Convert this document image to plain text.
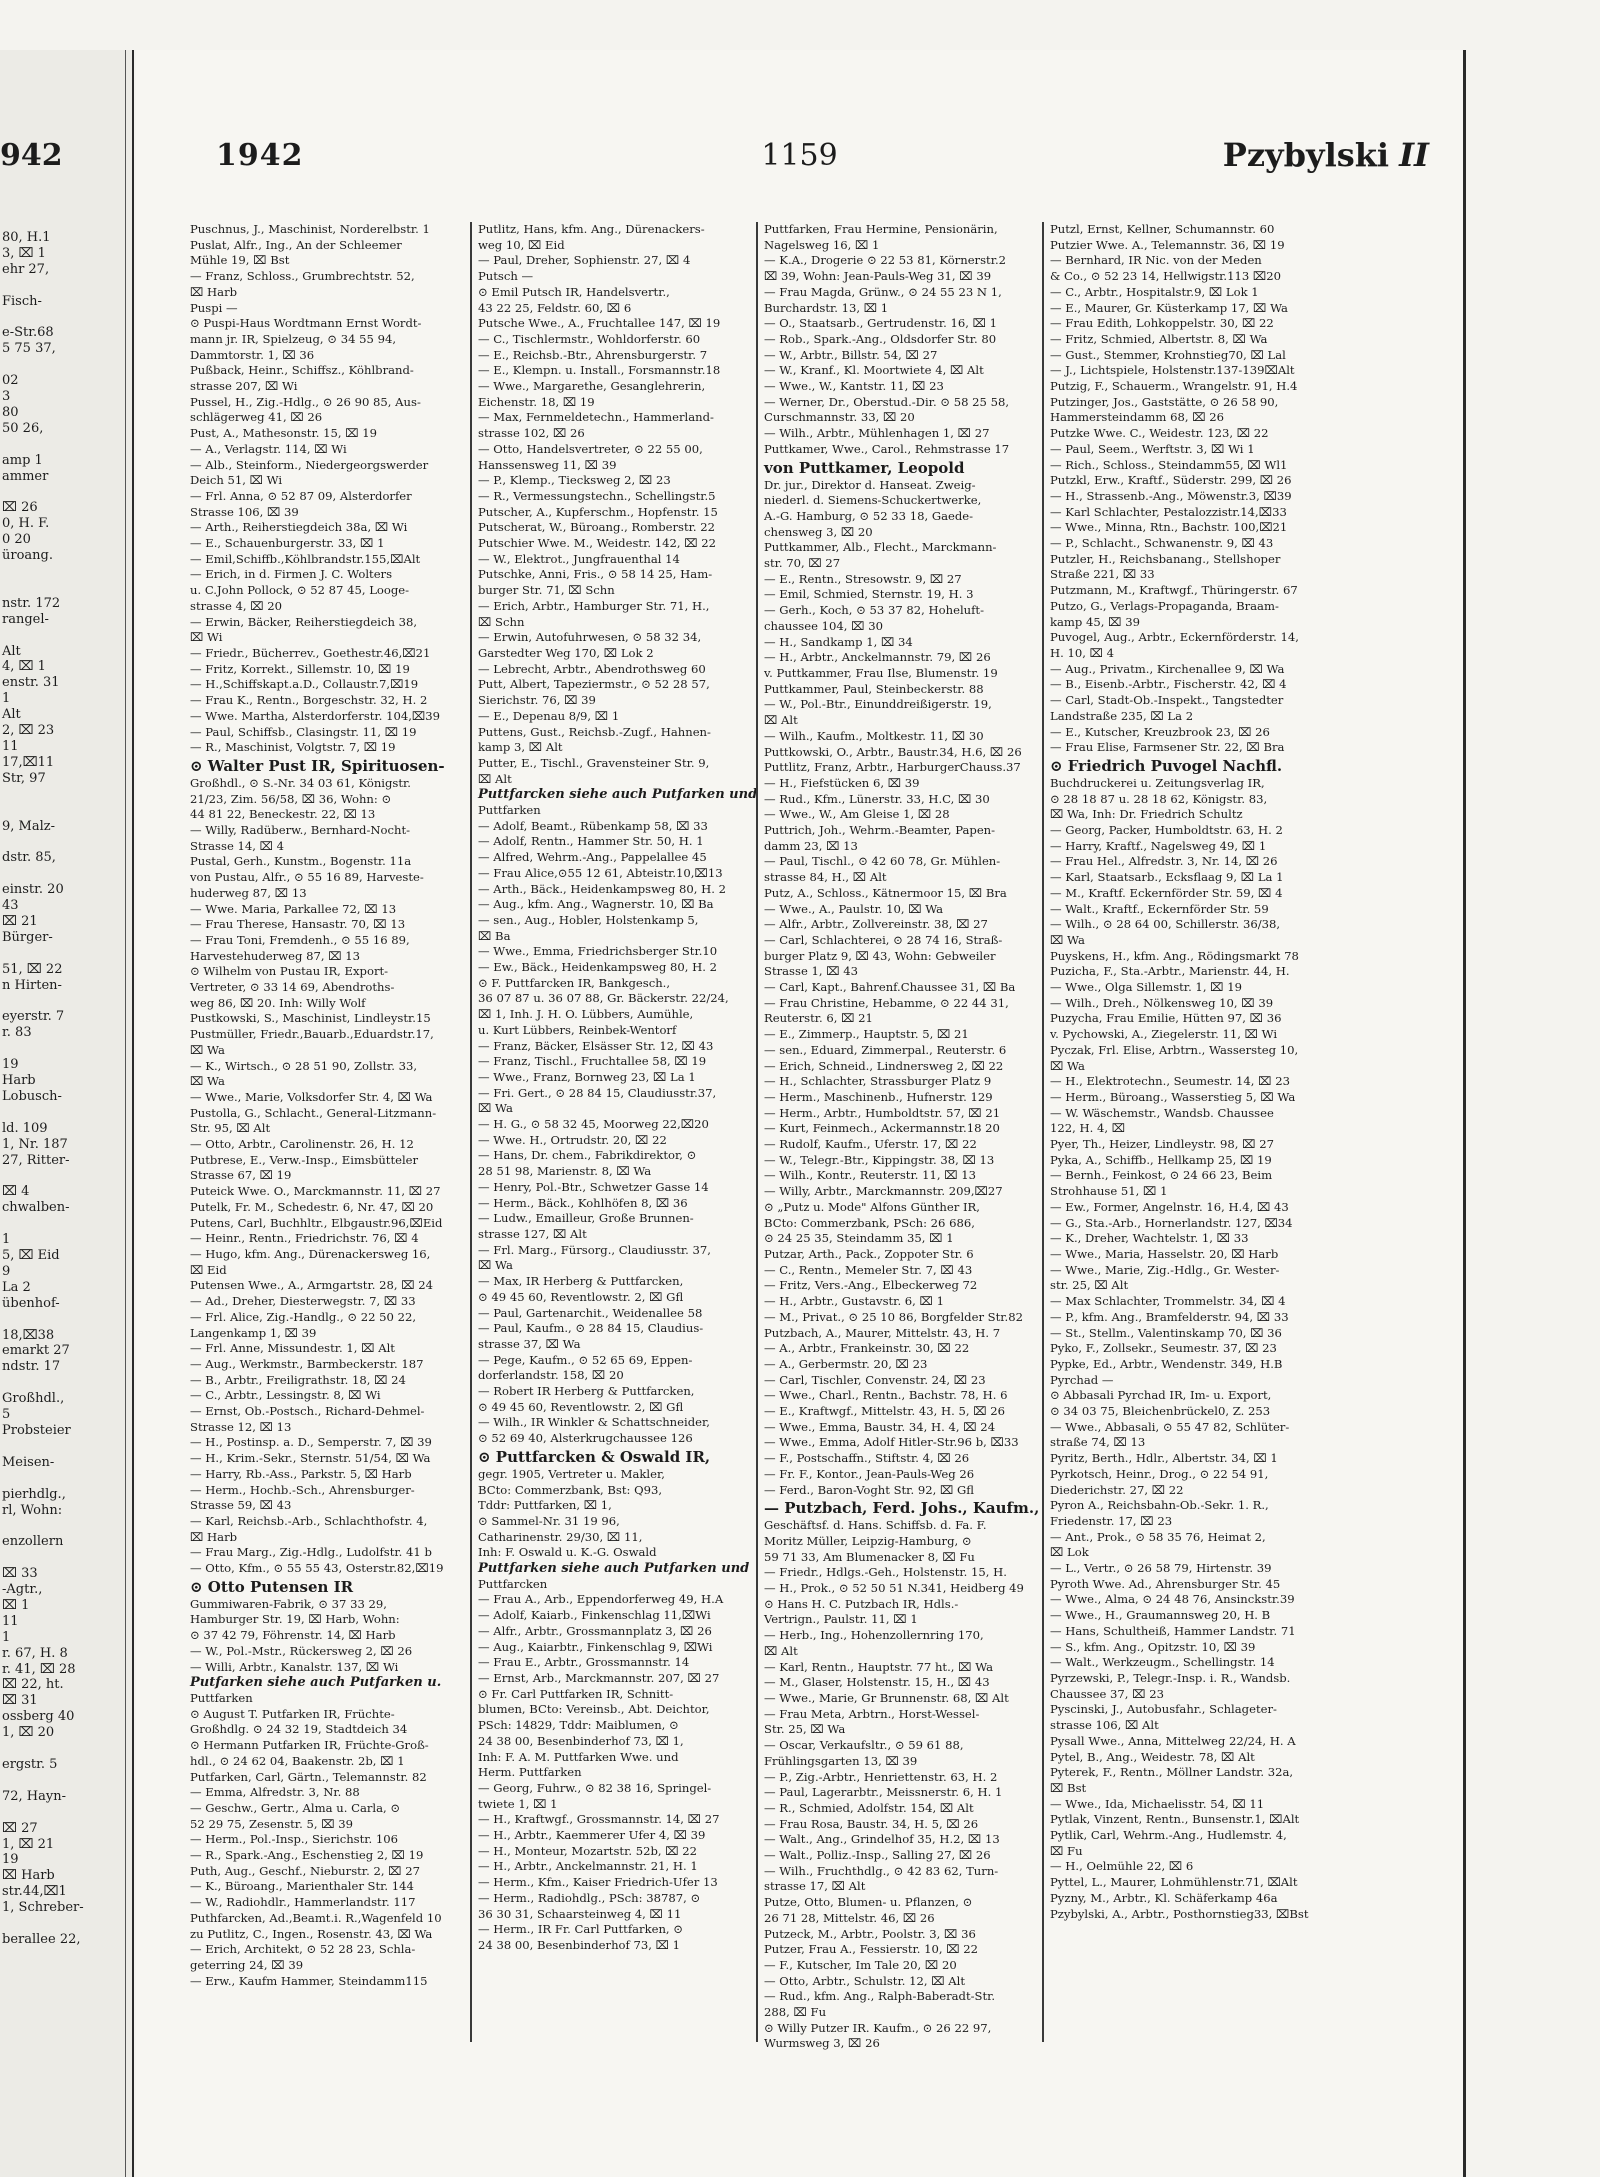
942
80, H.1
3, ⌧ 1
ehr 27,

Fisch-

e-Str.68
5 75 37,

02
3
80
50 26,

amp 1
ammer

⌧ 26
0, H. F.
0 20
üroang.

nstr. 172
rangel-

Alt
4, ⌧ 1
enstr. 31
1
Alt
2, ⌧ 23
11
17,⌧11
Str, 97

9, Malz-

dstr. 85,

einstr. 20
43
⌧ 21
Bürger-

51, ⌧ 22
n Hirten-

eyerstr. 7
r. 83

19
Harb
Lobusch-

ld. 109
1, Nr. 187
27, Ritter-

⌧ 4
chwalben-

1
5, ⌧ Eid
9
La 2
übenhof-

18,⌧38
emarkt 27
ndstr. 17

Großhdl.,
5
Probsteier

Meisen-

pierhdlg.,
rl, Wohn:

enzollern

⌧ 33
-Agtr.,
⌧ 1
11
1
r. 67, H. 8
r. 41, ⌧ 28
⌧ 22, ht.
⌧ 31
ossberg 40
1, ⌧ 20

ergstr. 5

72, Hayn-

⌧ 27
1, ⌧ 21
19
⌧ Harb
str.44,⌧1
1, Schreber-

berallee 22,
1942	1159	Pzybylski II
Puschnus, J., Maschinist, Norderelbstr. 1
Puslat, Alfr., Ing., An der Schleemer
Mühle 19, ⌧ Bst
— Franz, Schloss., Grumbrechtstr. 52,
⌧ Harb
Puspi —
⊙ Puspi-Haus Wordtmann Ernst Wordt-
mann jr. IR, Spielzeug, ⊙ 34 55 94,
Dammtorstr. 1, ⌧ 36
Pußback, Heinr., Schiffsz., Köhlbrand-
strasse 207, ⌧ Wi
Pussel, H., Zig.-Hdlg., ⊙ 26 90 85, Aus-
schlägerweg 41, ⌧ 26
Pust, A., Mathesonstr. 15, ⌧ 19
— A., Verlagstr. 114, ⌧ Wi
— Alb., Steinform., Niedergeorgswerder
Deich 51, ⌧ Wi
— Frl. Anna, ⊙ 52 87 09, Alsterdorfer
Strasse 106, ⌧ 39
— Arth., Reiherstiegdeich 38a, ⌧ Wi
— E., Schauenburgerstr. 33, ⌧ 1
— Emil,Schiffb.,Köhlbrandstr.155,⌧Alt
— Erich, in d. Firmen J. C. Wolters
u. C.John Pollock, ⊙ 52 87 45, Looge-
strasse 4, ⌧ 20
— Erwin, Bäcker, Reiherstiegdeich 38,
⌧ Wi
— Friedr., Bücherrev., Goethestr.46,⌧21
— Fritz, Korrekt., Sillemstr. 10, ⌧ 19
— H.,Schiffskapt.a.D., Collaustr.7,⌧19
— Frau K., Rentn., Borgeschstr. 32, H. 2
— Wwe. Martha, Alsterdorferstr. 104,⌧39
— Paul, Schiffsb., Clasingstr. 11, ⌧ 19
— R., Maschinist, Volgtstr. 7, ⌧ 19
⊙ Walter Pust IR, Spirituosen-
Großhdl., ⊙ S.-Nr. 34 03 61, Königstr.
21/23, Zim. 56/58, ⌧ 36, Wohn: ⊙
44 81 22, Beneckestr. 22, ⌧ 13
— Willy, Radüberw., Bernhard-Nocht-
Strasse 14, ⌧ 4
Pustal, Gerh., Kunstm., Bogenstr. 11a
von Pustau, Alfr., ⊙ 55 16 89, Harveste-
huderweg 87, ⌧ 13
— Wwe. Maria, Parkallee 72, ⌧ 13
— Frau Therese, Hansastr. 70, ⌧ 13
— Frau Toni, Fremdenh., ⊙ 55 16 89,
Harvestehuderweg 87, ⌧ 13
⊙ Wilhelm von Pustau IR, Export-
Vertreter, ⊙ 33 14 69, Abendroths-
weg 86, ⌧ 20. Inh: Willy Wolf
Pustkowski, S., Maschinist, Lindleystr.15
Pustmüller, Friedr.,Bauarb.,Eduardstr.17,
⌧ Wa
— K., Wirtsch., ⊙ 28 51 90, Zollstr. 33,
⌧ Wa
— Wwe., Marie, Volksdorfer Str. 4, ⌧ Wa
Pustolla, G., Schlacht., General-Litzmann-
Str. 95, ⌧ Alt
— Otto, Arbtr., Carolinenstr. 26, H. 12
Putbrese, E., Verw.-Insp., Eimsbütteler
Strasse 67, ⌧ 19
Puteick Wwe. O., Marckmannstr. 11, ⌧ 27
Putelk, Fr. M., Schedestr. 6, Nr. 47, ⌧ 20
Putens, Carl, Buchhltr., Elbgaustr.96,⌧Eid
— Heinr., Rentn., Friedrichstr. 76, ⌧ 4
— Hugo, kfm. Ang., Dürenackersweg 16,
⌧ Eid
Putensen Wwe., A., Armgartstr. 28, ⌧ 24
— Ad., Dreher, Diesterwegstr. 7, ⌧ 33
— Frl. Alice, Zig.-Handlg., ⊙ 22 50 22,
Langenkamp 1, ⌧ 39
— Frl. Anne, Missundestr. 1, ⌧ Alt
— Aug., Werkmstr., Barmbeckerstr. 187
— B., Arbtr., Freiligrathstr. 18, ⌧ 24
— C., Arbtr., Lessingstr. 8, ⌧ Wi
— Ernst, Ob.-Postsch., Richard-Dehmel-
Strasse 12, ⌧ 13
— H., Postinsp. a. D., Semperstr. 7, ⌧ 39
— H., Krim.-Sekr., Sternstr. 51/54, ⌧ Wa
— Harry, Rb.-Ass., Parkstr. 5, ⌧ Harb
— Herm., Hochb.-Sch., Ahrensburger-
Strasse 59, ⌧ 43
— Karl, Reichsb.-Arb., Schlachthofstr. 4,
⌧ Harb
— Frau Marg., Zig.-Hdlg., Ludolfstr. 41 b
— Otto, Kfm., ⊙ 55 55 43, Osterstr.82,⌧19
⊙ Otto Putensen IR
Gummiwaren-Fabrik, ⊙ 37 33 29,
Hamburger Str. 19, ⌧ Harb, Wohn:
⊙ 37 42 79, Föhrenstr. 14, ⌧ Harb
— W., Pol.-Mstr., Rückersweg 2, ⌧ 26
— Willi, Arbtr., Kanalstr. 137, ⌧ Wi
Putfarken siehe auch Putfarken u.
Puttfarken
⊙ August T. Putfarken IR, Früchte-
Großhdlg. ⊙ 24 32 19, Stadtdeich 34
⊙ Hermann Putfarken IR, Früchte-Groß-
hdl., ⊙ 24 62 04, Baakenstr. 2b, ⌧ 1
Putfarken, Carl, Gärtn., Telemannstr. 82
— Emma, Alfredstr. 3, Nr. 88
— Geschw., Gertr., Alma u. Carla, ⊙
52 29 75, Zesenstr. 5, ⌧ 39
— Herm., Pol.-Insp., Sierichstr. 106
— R., Spark.-Ang., Eschenstieg 2, ⌧ 19
Puth, Aug., Geschf., Nieburstr. 2, ⌧ 27
— K., Büroang., Marienthaler Str. 144
— W., Radiohdlr., Hammerlandstr. 117
Puthfarcken, Ad.,Beamt.i. R.,Wagenfeld 10
zu Putlitz, C., Ingen., Rosenstr. 43, ⌧ Wa
— Erich, Architekt, ⊙ 52 28 23, Schla-
geterring 24, ⌧ 39
— Erw., Kaufm Hammer, Steindamm115
Putlitz, Hans, kfm. Ang., Dürenackers-
weg 10, ⌧ Eid
— Paul, Dreher, Sophienstr. 27, ⌧ 4
Putsch —
⊙ Emil Putsch IR, Handelsvertr.,
43 22 25, Feldstr. 60, ⌧ 6
Putsche Wwe., A., Fruchtallee 147, ⌧ 19
— C., Tischlermstr., Wohldorferstr. 60
— E., Reichsb.-Btr., Ahrensburgerstr. 7
— E., Klempn. u. Install., Forsmannstr.18
— Wwe., Margarethe, Gesanglehrerin,
Eichenstr. 18, ⌧ 19
— Max, Fernmeldetechn., Hammerland-
strasse 102, ⌧ 26
— Otto, Handelsvertreter, ⊙ 22 55 00,
Hanssensweg 11, ⌧ 39
— P., Klemp., Tiecksweg 2, ⌧ 23
— R., Vermessungstechn., Schellingstr.5
Putscher, A., Kupferschm., Hopfenstr. 15
Putscherat, W., Büroang., Romberstr. 22
Putschier Wwe. M., Weidestr. 142, ⌧ 22
— W., Elektrot., Jungfrauenthal 14
Putschke, Anni, Fris., ⊙ 58 14 25, Ham-
burger Str. 71, ⌧ Schn
— Erich, Arbtr., Hamburger Str. 71, H.,
⌧ Schn
— Erwin, Autofuhrwesen, ⊙ 58 32 34,
Garstedter Weg 170, ⌧ Lok 2
— Lebrecht, Arbtr., Abendrothsweg 60
Putt, Albert, Tapeziermstr., ⊙ 52 28 57,
Sierichstr. 76, ⌧ 39
— E., Depenau 8/9, ⌧ 1
Puttens, Gust., Reichsb.-Zugf., Hahnen-
kamp 3, ⌧ Alt
Putter, E., Tischl., Gravensteiner Str. 9,
⌧ Alt
Puttfarcken siehe auch Putfarken und
Puttfarken
— Adolf, Beamt., Rübenkamp 58, ⌧ 33
— Adolf, Rentn., Hammer Str. 50, H. 1
— Alfred, Wehrm.-Ang., Pappelallee 45
— Frau Alice,⊙55 12 61, Abteistr.10,⌧13
— Arth., Bäck., Heidenkampsweg 80, H. 2
— Aug., kfm. Ang., Wagnerstr. 10, ⌧ Ba
— sen., Aug., Hobler, Holstenkamp 5,
⌧ Ba
— Wwe., Emma, Friedrichsberger Str.10
— Ew., Bäck., Heidenkampsweg 80, H. 2
⊙ F. Puttfarcken IR, Bankgesch.,
36 07 87 u. 36 07 88, Gr. Bäckerstr. 22/24,
⌧ 1, Inh. J. H. O. Lübbers, Aumühle,
u. Kurt Lübbers, Reinbek-Wentorf
— Franz, Bäcker, Elsässer Str. 12, ⌧ 43
— Franz, Tischl., Fruchtallee 58, ⌧ 19
— Wwe., Franz, Bornweg 23, ⌧ La 1
— Fri. Gert., ⊙ 28 84 15, Claudiusstr.37,
⌧ Wa
— H. G., ⊙ 58 32 45, Moorweg 22,⌧20
— Wwe. H., Ortrudstr. 20, ⌧ 22
— Hans, Dr. chem., Fabrikdirektor, ⊙
28 51 98, Marienstr. 8, ⌧ Wa
— Henry, Pol.-Btr., Schwetzer Gasse 14
— Herm., Bäck., Kohlhöfen 8, ⌧ 36
— Ludw., Emailleur, Große Brunnen-
strasse 127, ⌧ Alt
— Frl. Marg., Fürsorg., Claudiusstr. 37,
⌧ Wa
— Max, IR Herberg & Puttfarcken,
⊙ 49 45 60, Reventlowstr. 2, ⌧ Gfl
— Paul, Gartenarchit., Weidenallee 58
— Paul, Kaufm., ⊙ 28 84 15, Claudius-
strasse 37, ⌧ Wa
— Pege, Kaufm., ⊙ 52 65 69, Eppen-
dorferlandstr. 158, ⌧ 20
— Robert IR Herberg & Puttfarcken,
⊙ 49 45 60, Reventlowstr. 2, ⌧ Gfl
— Wilh., IR Winkler & Schattschneider,
⊙ 52 69 40, Alsterkrugchaussee 126
⊙ Puttfarcken & Oswald IR,
gegr. 1905, Vertreter u. Makler,
BCto: Commerzbank, Bst: Q93,
Tddr: Puttfarken, ⌧ 1,
⊙ Sammel-Nr. 31 19 96,
Catharinenstr. 29/30, ⌧ 11,
Inh: F. Oswald u. K.-G. Oswald
Puttfarken siehe auch Putfarken und
Puttfarcken
— Frau A., Arb., Eppendorferweg 49, H.A
— Adolf, Kaiarb., Finkenschlag 11,⌧Wi
— Alfr., Arbtr., Grossmannplatz 3, ⌧ 26
— Aug., Kaiarbtr., Finkenschlag 9, ⌧Wi
— Frau E., Arbtr., Grossmannstr. 14
— Ernst, Arb., Marckmannstr. 207, ⌧ 27
⊙ Fr. Carl Puttfarken IR, Schnitt-
blumen, BCto: Vereinsb., Abt. Deichtor,
PSch: 14829, Tddr: Maiblumen, ⊙
24 38 00, Besenbinderhof 73, ⌧ 1,
Inh: F. A. M. Puttfarken Wwe. und
Herm. Puttfarken
— Georg, Fuhrw., ⊙ 82 38 16, Springel-
twiete 1, ⌧ 1
— H., Kraftwgf., Grossmannstr. 14, ⌧ 27
— H., Arbtr., Kaemmerer Ufer 4, ⌧ 39
— H., Monteur, Mozartstr. 52b, ⌧ 22
— H., Arbtr., Anckelmannstr. 21, H. 1
— Herm., Kfm., Kaiser Friedrich-Ufer 13
— Herm., Radiohdlg., PSch: 38787, ⊙
36 30 31, Schaarsteinweg 4, ⌧ 11
— Herm., IR Fr. Carl Puttfarken, ⊙
24 38 00, Besenbinderhof 73, ⌧ 1
Puttfarken, Frau Hermine, Pensionärin,
Nagelsweg 16, ⌧ 1
— K.A., Drogerie ⊙ 22 53 81, Körnerstr.2
⌧ 39, Wohn: Jean-Pauls-Weg 31, ⌧ 39
— Frau Magda, Grünw., ⊙ 24 55 23 N 1,
Burchardstr. 13, ⌧ 1
— O., Staatsarb., Gertrudenstr. 16, ⌧ 1
— Rob., Spark.-Ang., Oldsdorfer Str. 80
— W., Arbtr., Billstr. 54, ⌧ 27
— W., Kranf., Kl. Moortwiete 4, ⌧ Alt
— Wwe., W., Kantstr. 11, ⌧ 23
— Werner, Dr., Oberstud.-Dir. ⊙ 58 25 58,
Curschmannstr. 33, ⌧ 20
— Wilh., Arbtr., Mühlenhagen 1, ⌧ 27
Puttkamer, Wwe., Carol., Rehmstrasse 17
von Puttkamer, Leopold
Dr. jur., Direktor d. Hanseat. Zweig-
niederl. d. Siemens-Schuckertwerke,
A.-G. Hamburg, ⊙ 52 33 18, Gaede-
chensweg 3, ⌧ 20
Puttkammer, Alb., Flecht., Marckmann-
str. 70, ⌧ 27
— E., Rentn., Stresowstr. 9, ⌧ 27
— Emil, Schmied, Sternstr. 19, H. 3
— Gerh., Koch, ⊙ 53 37 82, Hoheluft-
chaussee 104, ⌧ 30
— H., Sandkamp 1, ⌧ 34
— H., Arbtr., Anckelmannstr. 79, ⌧ 26
v. Puttkammer, Frau Ilse, Blumenstr. 19
Puttkammer, Paul, Steinbeckerstr. 88
— W., Pol.-Btr., Einunddreißigerstr. 19,
⌧ Alt
— Wilh., Kaufm., Moltkestr. 11, ⌧ 30
Puttkowski, O., Arbtr., Baustr.34, H.6, ⌧ 26
Puttlitz, Franz, Arbtr., HarburgerChauss.37
— H., Fiefstücken 6, ⌧ 39
— Rud., Kfm., Lünerstr. 33, H.C, ⌧ 30
— Wwe., W., Am Gleise 1, ⌧ 28
Puttrich, Joh., Wehrm.-Beamter, Papen-
damm 23, ⌧ 13
— Paul, Tischl., ⊙ 42 60 78, Gr. Mühlen-
strasse 84, H., ⌧ Alt
Putz, A., Schloss., Kätnermoor 15, ⌧ Bra
— Wwe., A., Paulstr. 10, ⌧ Wa
— Alfr., Arbtr., Zollvereinstr. 38, ⌧ 27
— Carl, Schlachterei, ⊙ 28 74 16, Straß-
burger Platz 9, ⌧ 43, Wohn: Gebweiler
Strasse 1, ⌧ 43
— Carl, Kapt., Bahrenf.Chaussee 31, ⌧ Ba
— Frau Christine, Hebamme, ⊙ 22 44 31,
Reuterstr. 6, ⌧ 21
— E., Zimmerp., Hauptstr. 5, ⌧ 21
— sen., Eduard, Zimmerpal., Reuterstr. 6
— Erich, Schneid., Lindnersweg 2, ⌧ 22
— H., Schlachter, Strassburger Platz 9
— Herm., Maschinenb., Hufnerstr. 129
— Herm., Arbtr., Humboldtstr. 57, ⌧ 21
— Kurt, Feinmech., Ackermannstr.18 20
— Rudolf, Kaufm., Uferstr. 17, ⌧ 22
— W., Telegr.-Btr., Kippingstr. 38, ⌧ 13
— Wilh., Kontr., Reuterstr. 11, ⌧ 13
— Willy, Arbtr., Marckmannstr. 209,⌧27
⊙ „Putz u. Mode" Alfons Günther IR,
BCto: Commerzbank, PSch: 26 686,
⊙ 24 25 35, Steindamm 35, ⌧ 1
Putzar, Arth., Pack., Zoppoter Str. 6
— C., Rentn., Memeler Str. 7, ⌧ 43
— Fritz, Vers.-Ang., Elbeckerweg 72
— H., Arbtr., Gustavstr. 6, ⌧ 1
— M., Privat., ⊙ 25 10 86, Borgfelder Str.82
Putzbach, A., Maurer, Mittelstr. 43, H. 7
— A., Arbtr., Frankeinstr. 30, ⌧ 22
— A., Gerbermstr. 20, ⌧ 23
— Carl, Tischler, Convenstr. 24, ⌧ 23
— Wwe., Charl., Rentn., Bachstr. 78, H. 6
— E., Kraftwgf., Mittelstr. 43, H. 5, ⌧ 26
— Wwe., Emma, Baustr. 34, H. 4, ⌧ 24
— Wwe., Emma, Adolf Hitler-Str.96 b, ⌧33
— F., Postschaffn., Stiftstr. 4, ⌧ 26
— Fr. F., Kontor., Jean-Pauls-Weg 26
— Ferd., Baron-Voght Str. 92, ⌧ Gfl
— Putzbach, Ferd. Johs., Kaufm.,
Geschäftsf. d. Hans. Schiffsb. d. Fa. F.
Moritz Müller, Leipzig-Hamburg, ⊙
59 71 33, Am Blumenacker 8, ⌧ Fu
— Friedr., Hdlgs.-Geh., Holstenstr. 15, H.
— H., Prok., ⊙ 52 50 51 N.341, Heidberg 49
⊙ Hans H. C. Putzbach IR, Hdls.-
Vertrign., Paulstr. 11, ⌧ 1
— Herb., Ing., Hohenzollernring 170,
⌧ Alt
— Karl, Rentn., Hauptstr. 77 ht., ⌧ Wa
— M., Glaser, Holstenstr. 15, H., ⌧ 43
— Wwe., Marie, Gr Brunnenstr. 68, ⌧ Alt
— Frau Meta, Arbtrn., Horst-Wessel-
Str. 25, ⌧ Wa
— Oscar, Verkaufsltr., ⊙ 59 61 88,
Frühlingsgarten 13, ⌧ 39
— P., Zig.-Arbtr., Henriettenstr. 63, H. 2
— Paul, Lagerarbtr., Meissnerstr. 6, H. 1
— R., Schmied, Adolfstr. 154, ⌧ Alt
— Frau Rosa, Baustr. 34, H. 5, ⌧ 26
— Walt., Ang., Grindelhof 35, H.2, ⌧ 13
— Walt., Polliz.-Insp., Salling 27, ⌧ 26
— Wilh., Fruchthdlg., ⊙ 42 83 62, Turn-
strasse 17, ⌧ Alt
Putze, Otto, Blumen- u. Pflanzen, ⊙
26 71 28, Mittelstr. 46, ⌧ 26
Putzeck, M., Arbtr., Poolstr. 3, ⌧ 36
Putzer, Frau A., Fessierstr. 10, ⌧ 22
— F., Kutscher, Im Tale 20, ⌧ 20
— Otto, Arbtr., Schulstr. 12, ⌧ Alt
— Rud., kfm. Ang., Ralph-Baberadt-Str.
288, ⌧ Fu
⊙ Willy Putzer IR. Kaufm., ⊙ 26 22 97,
Wurmsweg 3, ⌧ 26
Putzl, Ernst, Kellner, Schumannstr. 60
Putzier Wwe. A., Telemannstr. 36, ⌧ 19
— Bernhard, IR Nic. von der Meden
& Co., ⊙ 52 23 14, Hellwigstr.113 ⌧20
— C., Arbtr., Hospitalstr.9, ⌧ Lok 1
— E., Maurer, Gr. Küsterkamp 17, ⌧ Wa
— Frau Edith, Lohkoppelstr. 30, ⌧ 22
— Fritz, Schmied, Albertstr. 8, ⌧ Wa
— Gust., Stemmer, Krohnstieg70, ⌧ Lal
— J., Lichtspiele, Holstenstr.137-139⌧Alt
Putzig, F., Schauerm., Wrangelstr. 91, H.4
Putzinger, Jos., Gaststätte, ⊙ 26 58 90,
Hammersteindamm 68, ⌧ 26
Putzke Wwe. C., Weidestr. 123, ⌧ 22
— Paul, Seem., Werftstr. 3, ⌧ Wi 1
— Rich., Schloss., Steindamm55, ⌧ Wl1
Putzkl, Erw., Kraftf., Süderstr. 299, ⌧ 26
— H., Strassenb.-Ang., Möwenstr.3, ⌧39
— Karl Schlachter, Pestalozzistr.14,⌧33
— Wwe., Minna, Rtn., Bachstr. 100,⌧21
— P., Schlacht., Schwanenstr. 9, ⌧ 43
Putzler, H., Reichsbanang., Stellshoper
Straße 221, ⌧ 33
Putzmann, M., Kraftwgf., Thüringerstr. 67
Putzo, G., Verlags-Propaganda, Braam-
kamp 45, ⌧ 39
Puvogel, Aug., Arbtr., Eckernförderstr. 14,
H. 10, ⌧ 4
— Aug., Privatm., Kirchenallee 9, ⌧ Wa
— B., Eisenb.-Arbtr., Fischerstr. 42, ⌧ 4
— Carl, Stadt-Ob.-Inspekt., Tangstedter
Landstraße 235, ⌧ La 2
— E., Kutscher, Kreuzbrook 23, ⌧ 26
— Frau Elise, Farmsener Str. 22, ⌧ Bra
⊙ Friedrich Puvogel Nachfl.
Buchdruckerei u. Zeitungsverlag IR,
⊙ 28 18 87 u. 28 18 62, Königstr. 83,
⌧ Wa, Inh: Dr. Friedrich Schultz
— Georg, Packer, Humboldtstr. 63, H. 2
— Harry, Kraftf., Nagelsweg 49, ⌧ 1
— Frau Hel., Alfredstr. 3, Nr. 14, ⌧ 26
— Karl, Staatsarb., Ecksflaag 9, ⌧ La 1
— M., Kraftf. Eckernförder Str. 59, ⌧ 4
— Walt., Kraftf., Eckernförder Str. 59
— Wilh., ⊙ 28 64 00, Schillerstr. 36/38,
⌧ Wa
Puyskens, H., kfm. Ang., Rödingsmarkt 78
Puzicha, F., Sta.-Arbtr., Marienstr. 44, H.
— Wwe., Olga Sillemstr. 1, ⌧ 19
— Wilh., Dreh., Nölkensweg 10, ⌧ 39
Puzycha, Frau Emilie, Hütten 97, ⌧ 36
v. Pychowski, A., Ziegelerstr. 11, ⌧ Wi
Pyczak, Frl. Elise, Arbtrn., Wassersteg 10,
⌧ Wa
— H., Elektrotechn., Seumestr. 14, ⌧ 23
— Herm., Büroang., Wasserstieg 5, ⌧ Wa
— W. Wäschemstr., Wandsb. Chaussee
122, H. 4, ⌧
Pyer, Th., Heizer, Lindleystr. 98, ⌧ 27
Pyka, A., Schiffb., Hellkamp 25, ⌧ 19
— Bernh., Feinkost, ⊙ 24 66 23, Beim
Strohhause 51, ⌧ 1
— Ew., Former, Angelnstr. 16, H.4, ⌧ 43
— G., Sta.-Arb., Hornerlandstr. 127, ⌧34
— K., Dreher, Wachtelstr. 1, ⌧ 33
— Wwe., Maria, Hasselstr. 20, ⌧ Harb
— Wwe., Marie, Zig.-Hdlg., Gr. Wester-
str. 25, ⌧ Alt
— Max Schlachter, Trommelstr. 34, ⌧ 4
— P., kfm. Ang., Bramfelderstr. 94, ⌧ 33
— St., Stellm., Valentinskamp 70, ⌧ 36
Pyko, F., Zollsekr., Seumestr. 37, ⌧ 23
Pypke, Ed., Arbtr., Wendenstr. 349, H.B
Pyrchad —
⊙ Abbasali Pyrchad IR, Im- u. Export,
⊙ 34 03 75, Bleichenbrückel0, Z. 253
— Wwe., Abbasali, ⊙ 55 47 82, Schlüter-
straße 74, ⌧ 13
Pyritz, Berth., Hdlr., Albertstr. 34, ⌧ 1
Pyrkotsch, Heinr., Drog., ⊙ 22 54 91,
Diederichstr. 27, ⌧ 22
Pyron A., Reichsbahn-Ob.-Sekr. 1. R.,
Friedenstr. 17, ⌧ 23
— Ant., Prok., ⊙ 58 35 76, Heimat 2,
⌧ Lok
— L., Vertr., ⊙ 26 58 79, Hirtenstr. 39
Pyroth Wwe. Ad., Ahrensburger Str. 45
— Wwe., Alma, ⊙ 24 48 76, Ansinckstr.39
— Wwe., H., Graumannsweg 20, H. B
— Hans, Schultheiß, Hammer Landstr. 71
— S., kfm. Ang., Opitzstr. 10, ⌧ 39
— Walt., Werkzeugm., Schellingstr. 14
Pyrzewski, P., Telegr.-Insp. i. R., Wandsb.
Chaussee 37, ⌧ 23
Pyscinski, J., Autobusfahr., Schlageter-
strasse 106, ⌧ Alt
Pysall Wwe., Anna, Mittelweg 22/24, H. A
Pytel, B., Ang., Weidestr. 78, ⌧ Alt
Pyterek, F., Rentn., Möllner Landstr. 32a,
⌧ Bst
— Wwe., Ida, Michaelisstr. 54, ⌧ 11
Pytlak, Vinzent, Rentn., Bunsenstr.1, ⌧Alt
Pytlik, Carl, Wehrm.-Ang., Hudlemstr. 4,
⌧ Fu
— H., Oelmühle 22, ⌧ 6
Pyttel, L., Maurer, Lohmühlenstr.71, ⌧Alt
Pyzny, M., Arbtr., Kl. Schäferkamp 46a
Pzybylski, A., Arbtr., Posthornstieg33, ⌧Bst
